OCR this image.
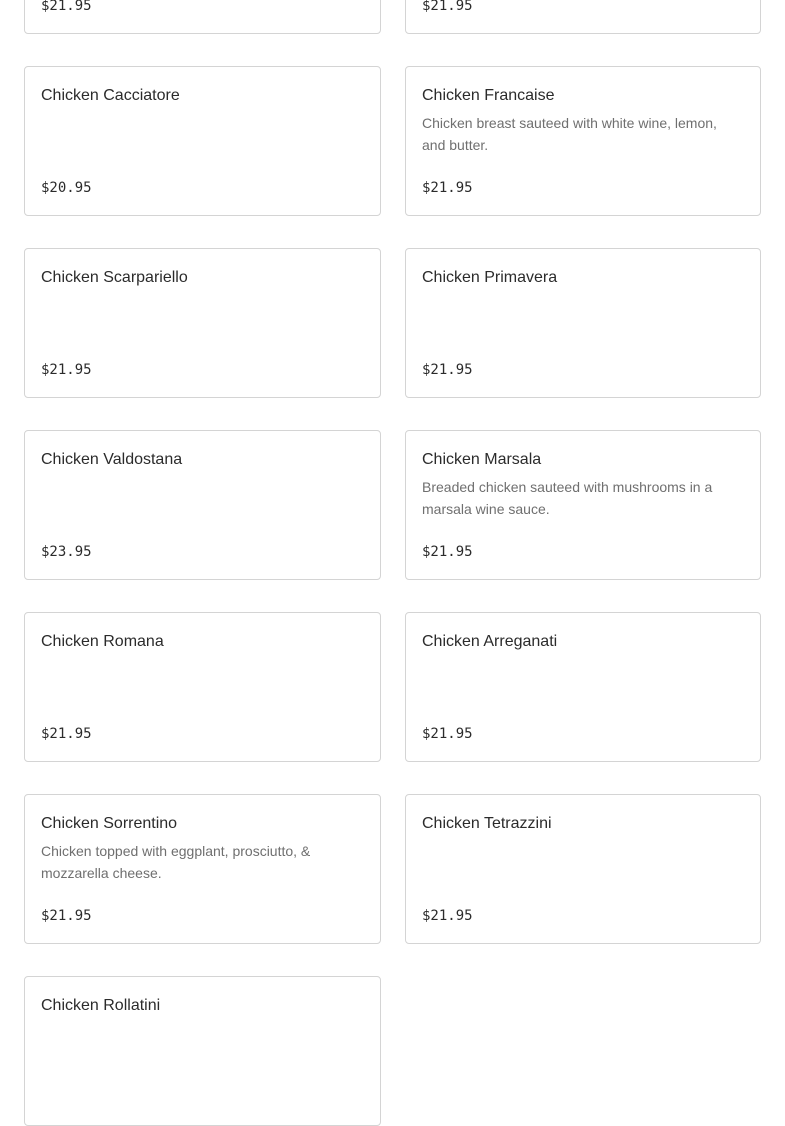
$21.95	$21.95
Chicken Cacciatore
$20.95
Chicken Francaise
Chicken breast sauteed with white wine, lemon, and butter.
$21.95
Chicken Scarpariello
$21.95
Chicken Primavera
$21.95
Chicken Valdostana
$23.95
Chicken Marsala
Breaded chicken sauteed with mushrooms in a marsala wine sauce.
$21.95
Chicken Romana
$21.95
Chicken Arreganati
$21.95
Chicken Sorrentino
Chicken topped with eggplant, prosciutto, & mozzarella cheese.
$21.95
Chicken Tetrazzini
$21.95
Chicken Rollatini
